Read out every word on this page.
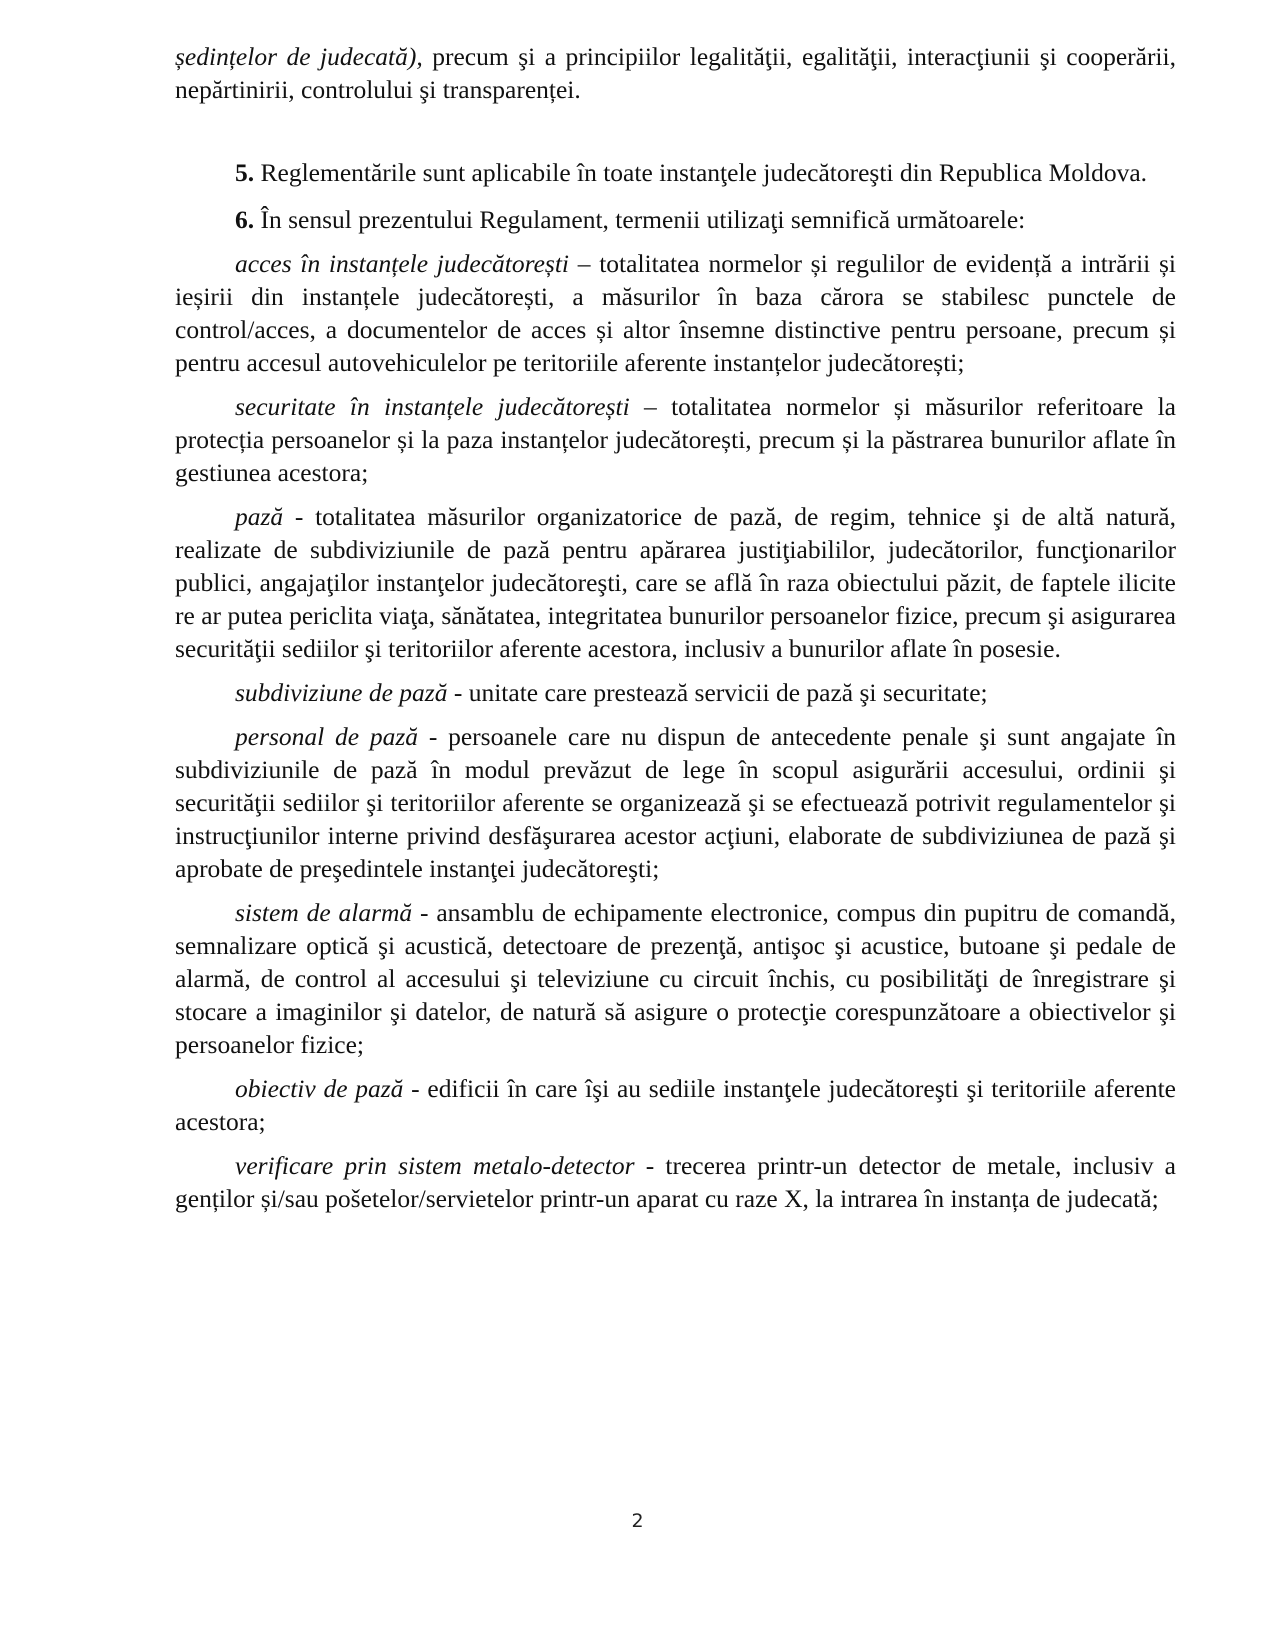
ședințelor de judecată), precum şi a principiilor legalităţii, egalităţii, interacţiunii şi cooperării, nepărtinirii, controlului şi transparenței.

5. Reglementările sunt aplicabile în toate instanţele judecătoreşti din Republica Moldova.

6. În sensul prezentului Regulament, termenii utilizaţi semnifică următoarele:

acces în instanțele judecătorești – totalitatea normelor și regulilor de evidență a intrării și ieșirii din instanțele judecătorești, a măsurilor în baza cărora se stabilesc punctele de control/acces, a documentelor de acces și altor însemne distinctive pentru persoane, precum și pentru accesul autovehiculelor pe teritoriile aferente instanțelor judecătorești;

securitate în instanțele judecătorești – totalitatea normelor și măsurilor referitoare la protecția persoanelor și la paza instanțelor judecătorești, precum și la păstrarea bunurilor aflate în gestiunea acestora;

pază - totalitatea măsurilor organizatorice de pază, de regim, tehnice şi de altă natură, realizate de subdiviziunile de pază pentru apărarea justiţiabililor, judecătorilor, funcţionarilor publici, angajaţilor instanţelor judecătoreşti, care se află în raza obiectului păzit, de faptele ilicite re ar putea periclita viaţa, sănătatea, integritatea bunurilor persoanelor fizice, precum şi asigurarea securităţii sediilor şi teritoriilor aferente acestora, inclusiv a bunurilor aflate în posesie.

subdiviziune de pază - unitate care prestează servicii de pază şi securitate;

personal de pază - persoanele care nu dispun de antecedente penale şi sunt angajate în subdiviziunile de pază în modul prevăzut de lege în scopul asigurării accesului, ordinii şi securităţii sediilor şi teritoriilor aferente se organizează şi se efectuează potrivit regulamentelor şi instrucţiunilor interne privind desfăşurarea acestor acţiuni, elaborate de subdiviziunea de pază şi aprobate de preşedintele instanţei judecătoreşti;

sistem de alarmă - ansamblu de echipamente electronice, compus din pupitru de comandă, semnalizare optică şi acustică, detectoare de prezenţă, antişoc şi acustice, butoane şi pedale de alarmă, de control al accesului şi televiziune cu circuit închis, cu posibilităţi de înregistrare şi stocare a imaginilor şi datelor, de natură să asigure o protecţie corespunzătoare a obiectivelor şi persoanelor fizice;

obiectiv de pază - edificii în care îşi au sediile instanţele judecătoreşti şi teritoriile aferente acestora;

verificare prin sistem metalo-detector - trecerea printr-un detector de metale, inclusiv a genților și/sau pošetelor/servietelor printr-un aparat cu raze X, la intrarea în instanța de judecată;

2
